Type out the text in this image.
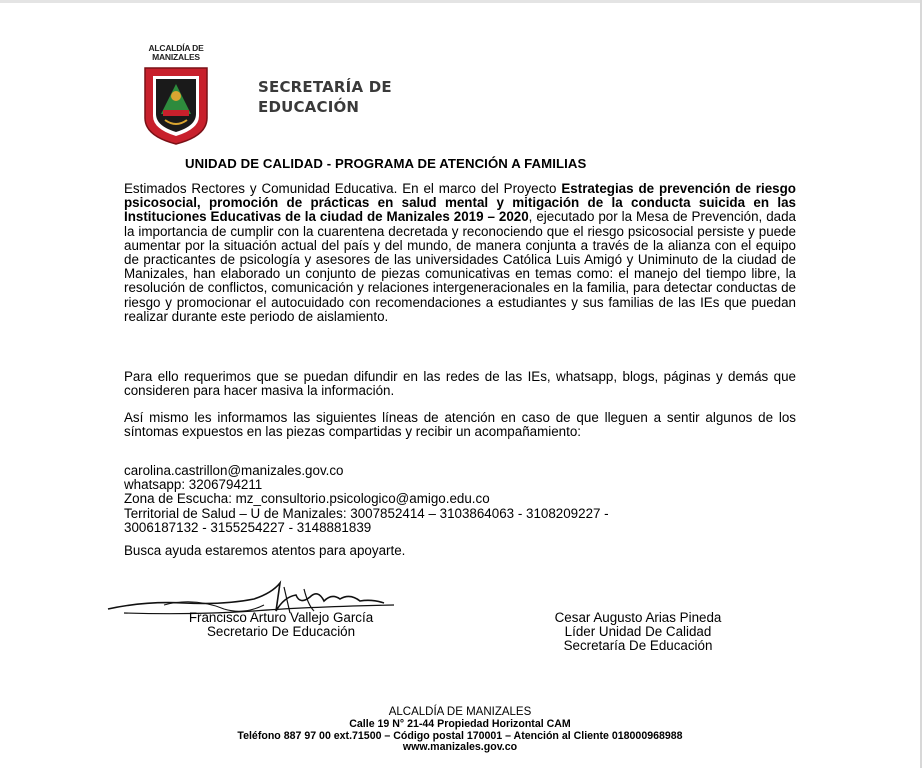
ALCALDÍA DE
MANIZALES
SECRETARÍA DE
EDUCACIÓN
UNIDAD DE CALIDAD - PROGRAMA DE ATENCIÓN A FAMILIAS
Estimados Rectores y Comunidad Educativa. En el marco del Proyecto Estrategias de prevención de riesgo psicosocial, promoción de prácticas en salud mental y mitigación de la conducta suicida en las Instituciones Educativas de la ciudad de Manizales 2019 – 2020, ejecutado por la Mesa de Prevención, dada la importancia de cumplir con la cuarentena decretada y reconociendo que el riesgo psicosocial persiste y puede aumentar por la situación actual del país y del mundo, de manera conjunta a través de la alianza con el equipo de practicantes de psicología y asesores de las universidades Católica Luis Amigó y Uniminuto de la ciudad de Manizales, han elaborado un conjunto de piezas comunicativas en temas como: el manejo del tiempo libre, la resolución de conflictos, comunicación y relaciones intergeneracionales en la familia, para detectar conductas de riesgo y promocionar el autocuidado con recomendaciones a estudiantes y sus familias de las IEs que puedan realizar durante este periodo de aislamiento.
Para ello requerimos que se puedan difundir en las redes de las IEs, whatsapp, blogs, páginas y demás que consideren para hacer masiva la información.
Así mismo les informamos las siguientes líneas de atención en caso de que lleguen a sentir algunos de los síntomas expuestos en las piezas compartidas y recibir un acompañamiento:
carolina.castrillon@manizales.gov.co
whatsapp: 3206794211
Zona de Escucha: mz_consultorio.psicologico@amigo.edu.co
Territorial de Salud – U de Manizales: 3007852414 – 3103864063 - 3108209227 -
3006187132 - 3155254227 - 3148881839
Busca ayuda estaremos atentos para apoyarte.
Francisco Arturo Vallejo García
Secretario De Educación
Cesar Augusto Arias Pineda
Líder Unidad De Calidad
Secretaría De Educación
ALCALDÍA DE MANIZALES
Calle 19 N° 21-44 Propiedad Horizontal CAM
Teléfono 887 97 00 ext.71500 – Código postal 170001 – Atención al Cliente 018000968988
www.manizales.gov.co
